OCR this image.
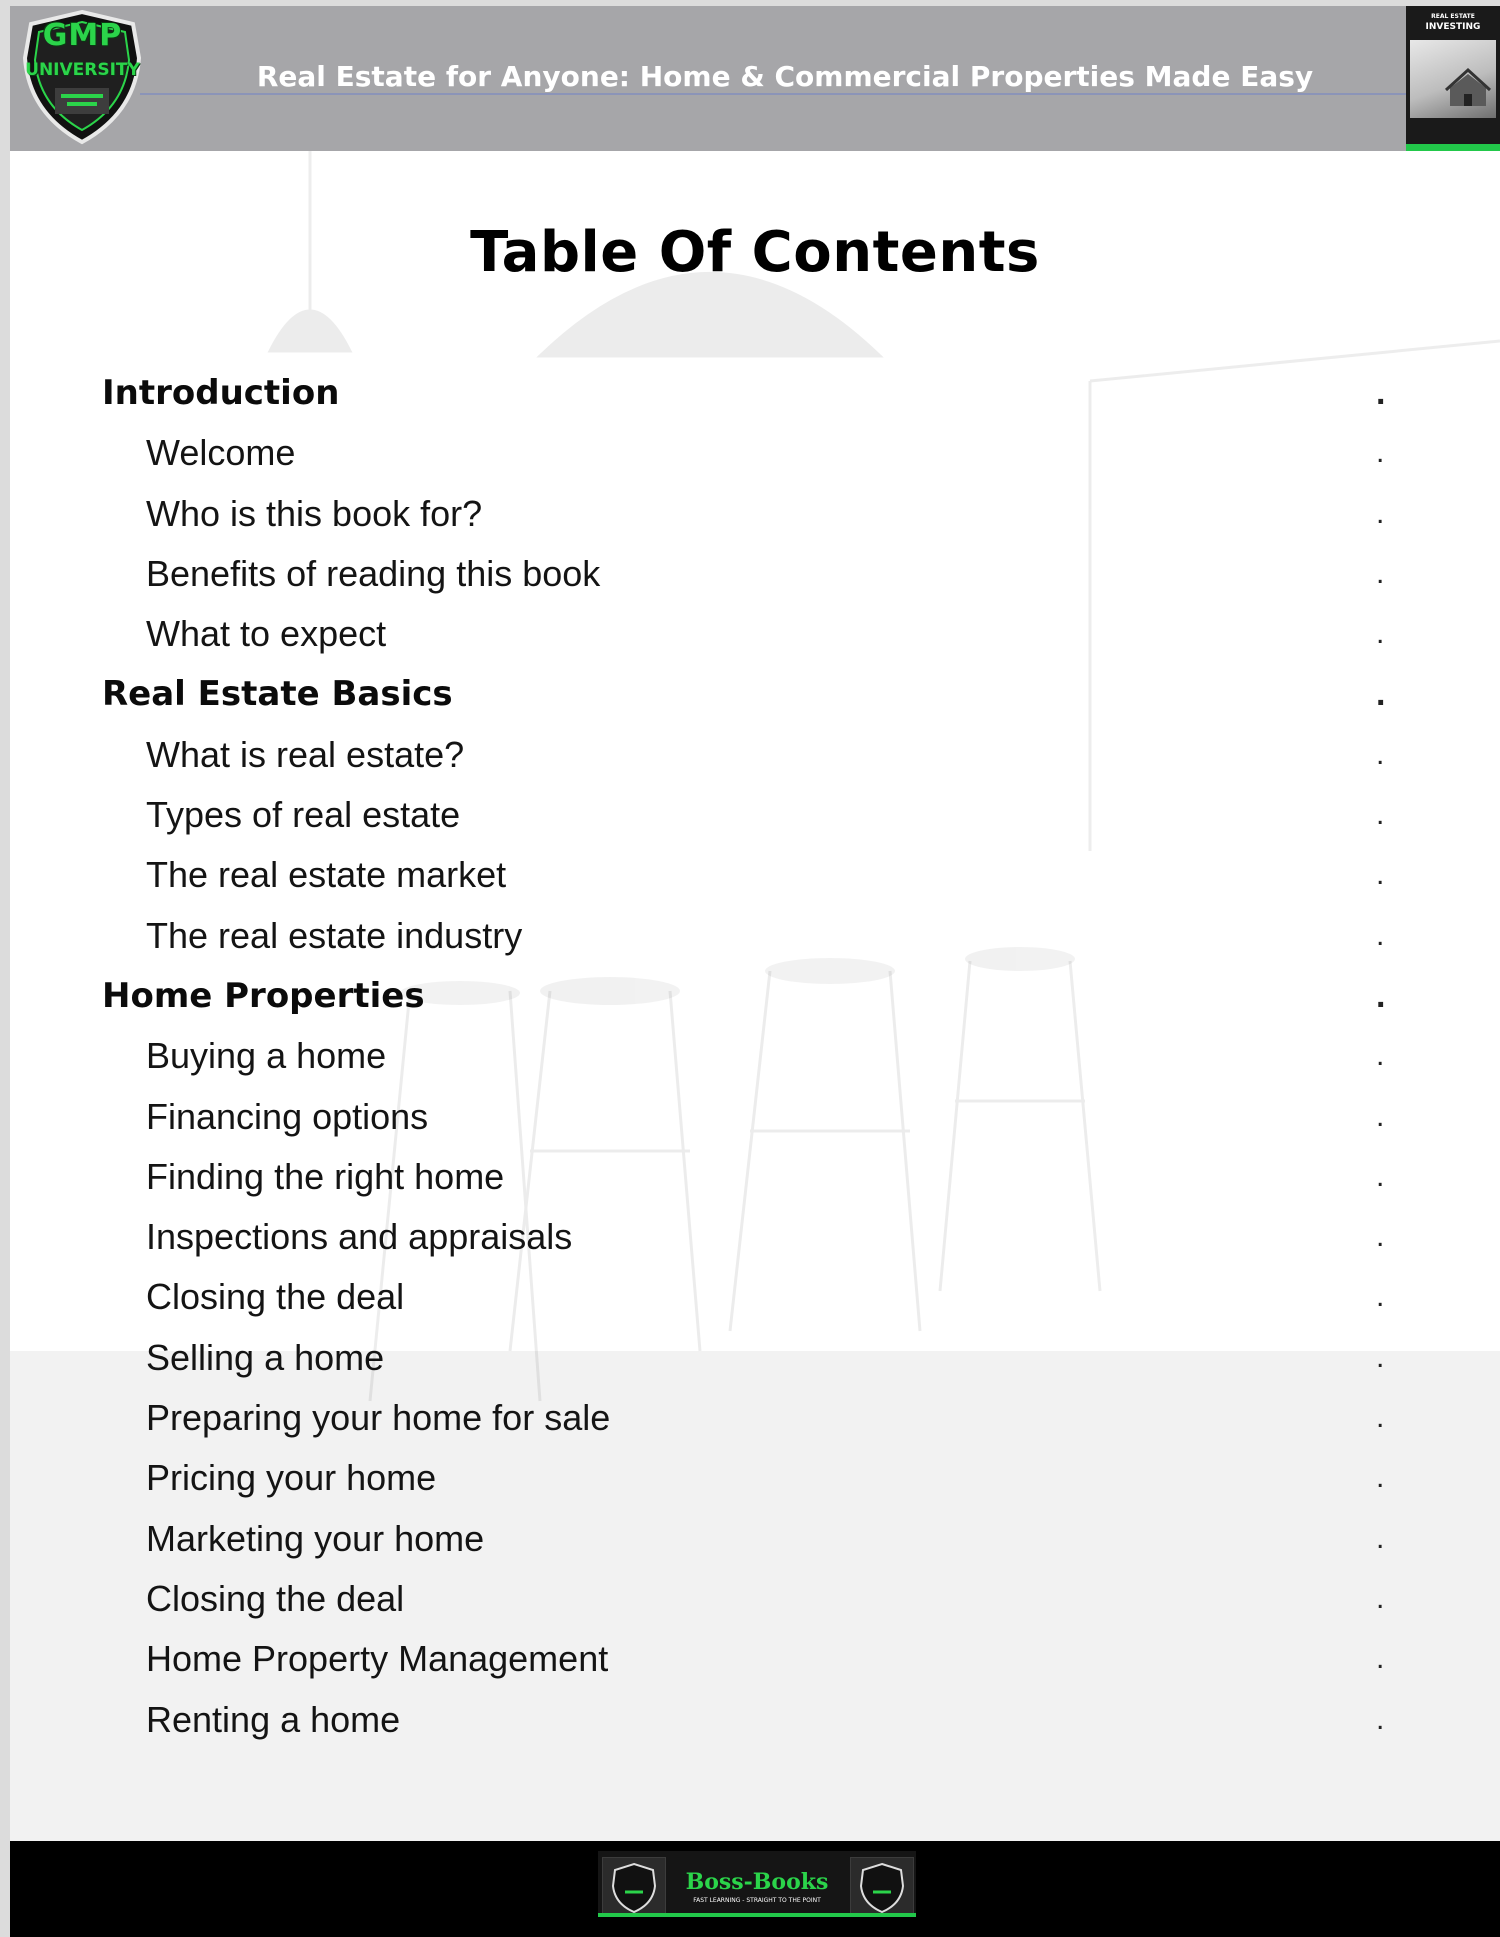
GMP
UNIVERSITY	Real Estate for Anyone: Home & Commercial Properties Made Easy
REAL ESTATE
INVESTING
Table Of Contents
Introduction	.
Welcome	.
Who is this book for?	.
Benefits of reading this book	.
What to expect	.
Real Estate Basics	.
What is real estate?	.
Types of real estate	.
The real estate market	.
The real estate industry	.
Home Properties	.
Buying a home	.
Financing options	.
Finding the right home	.
Inspections and appraisals	.
Closing the deal	.
Selling a home	.
Preparing your home for sale	.
Pricing your home	.
Marketing your home	.
Closing the deal	.
Home Property Management	.
Renting a home	.
Boss-Books
FAST LEARNING - STRAIGHT TO THE POINT
